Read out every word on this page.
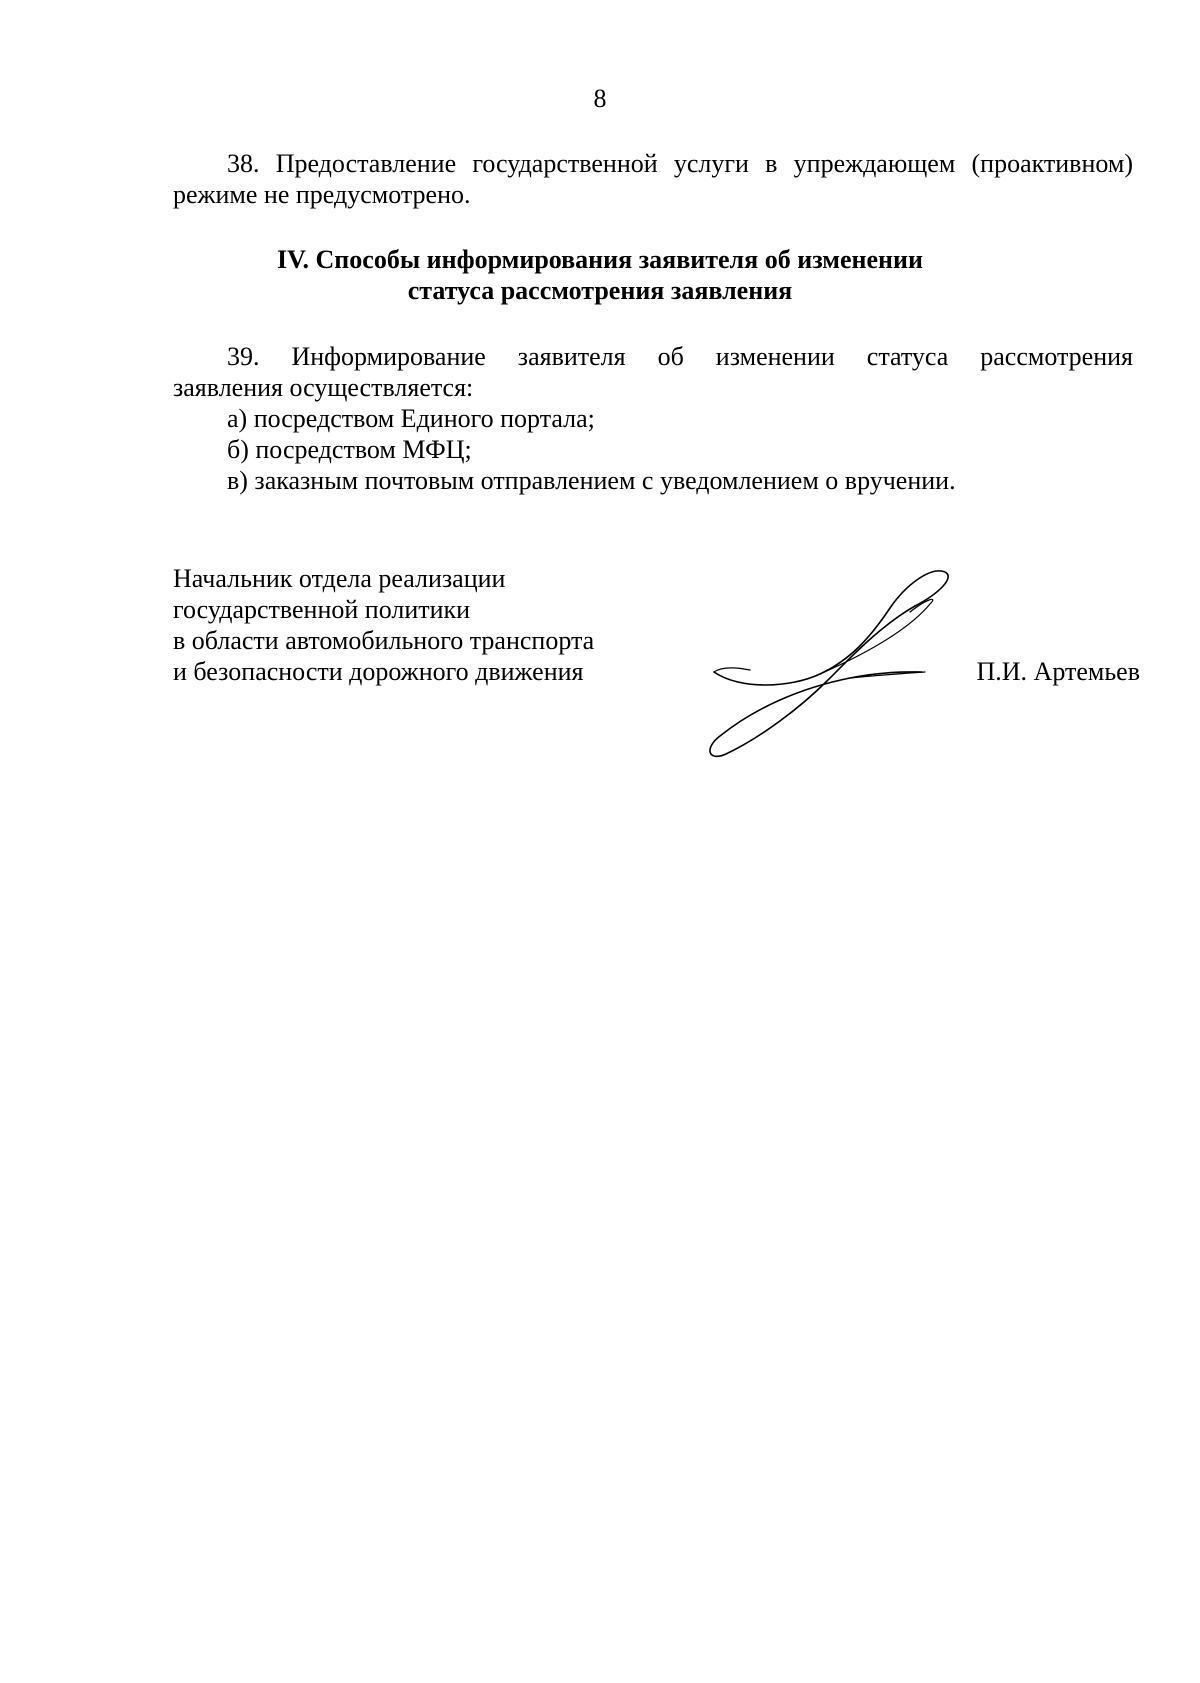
8
38. Предоставление государственной услуги в упреждающем (проактивном)
режиме не предусмотрено.
IV. Способы информирования заявителя об изменении
статуса рассмотрения заявления
39. Информирование заявителя об изменении статуса рассмотрения
заявления осуществляется:
а) посредством Единого портала;
б) посредством МФЦ;
в) заказным почтовым отправлением с уведомлением о вручении.
Начальник отдела реализации
государственной политики
в области автомобильного транспорта
и безопасности дорожного движения	П.И. Артемьев
